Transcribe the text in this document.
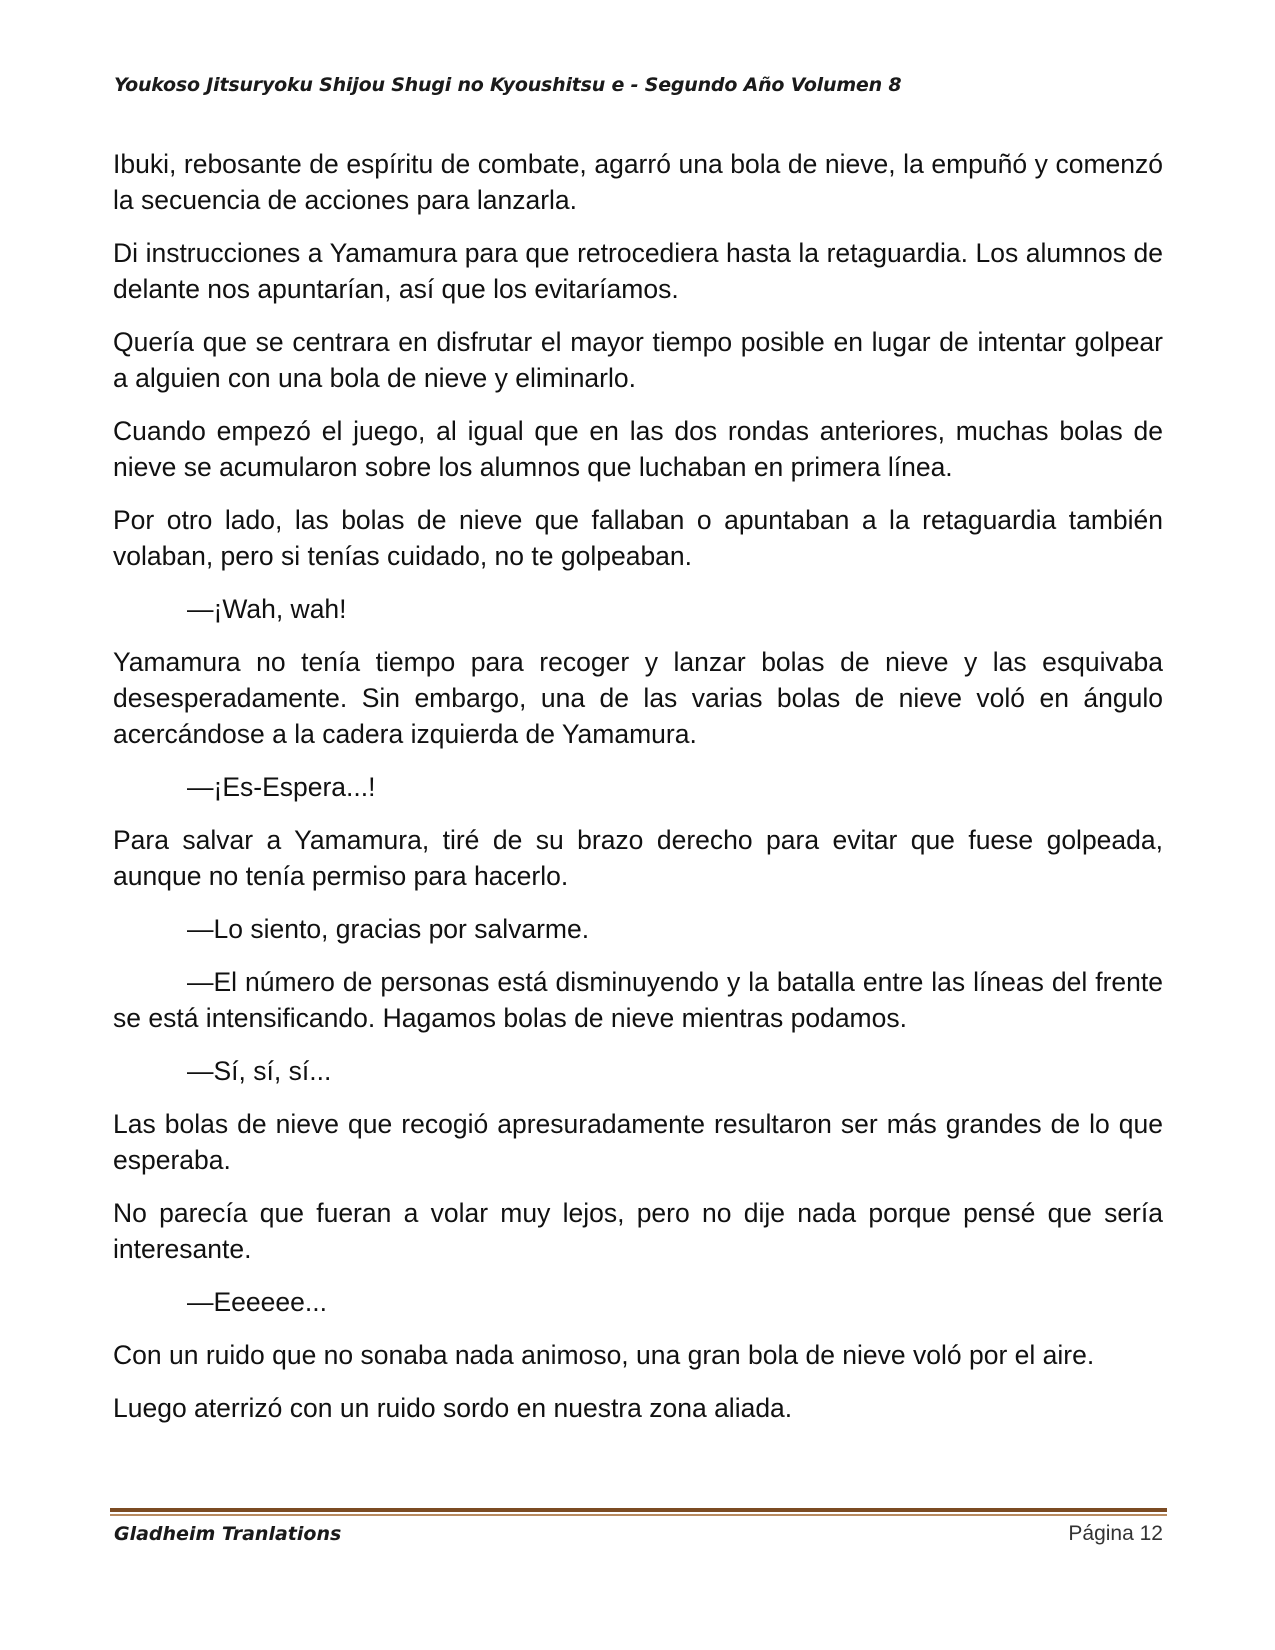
Youkoso Jitsuryoku Shijou Shugi no Kyoushitsu e - Segundo Año Volumen 8

Ibuki, rebosante de espíritu de combate, agarró una bola de nieve, la empuñó y comenzó la secuencia de acciones para lanzarla.

Di instrucciones a Yamamura para que retrocediera hasta la retaguardia. Los alumnos de delante nos apuntarían, así que los evitaríamos.

Quería que se centrara en disfrutar el mayor tiempo posible en lugar de intentar golpear a alguien con una bola de nieve y eliminarlo.

Cuando empezó el juego, al igual que en las dos rondas anteriores, muchas bolas de nieve se acumularon sobre los alumnos que luchaban en primera línea.

Por otro lado, las bolas de nieve que fallaban o apuntaban a la retaguardia también volaban, pero si tenías cuidado, no te golpeaban.

—¡Wah, wah!

Yamamura no tenía tiempo para recoger y lanzar bolas de nieve y las esquivaba desesperadamente. Sin embargo, una de las varias bolas de nieve voló en ángulo acercándose a la cadera izquierda de Yamamura.

—¡Es-Espera...!

Para salvar a Yamamura, tiré de su brazo derecho para evitar que fuese golpeada, aunque no tenía permiso para hacerlo.

—Lo siento, gracias por salvarme.

—El número de personas está disminuyendo y la batalla entre las líneas del frente se está intensificando. Hagamos bolas de nieve mientras podamos.

—Sí, sí, sí...

Las bolas de nieve que recogió apresuradamente resultaron ser más grandes de lo que esperaba.

No parecía que fueran a volar muy lejos, pero no dije nada porque pensé que sería interesante.

—Eeeeee...

Con un ruido que no sonaba nada animoso, una gran bola de nieve voló por el aire.

Luego aterrizó con un ruido sordo en nuestra zona aliada.

Gladheim Tranlations	Página 12
